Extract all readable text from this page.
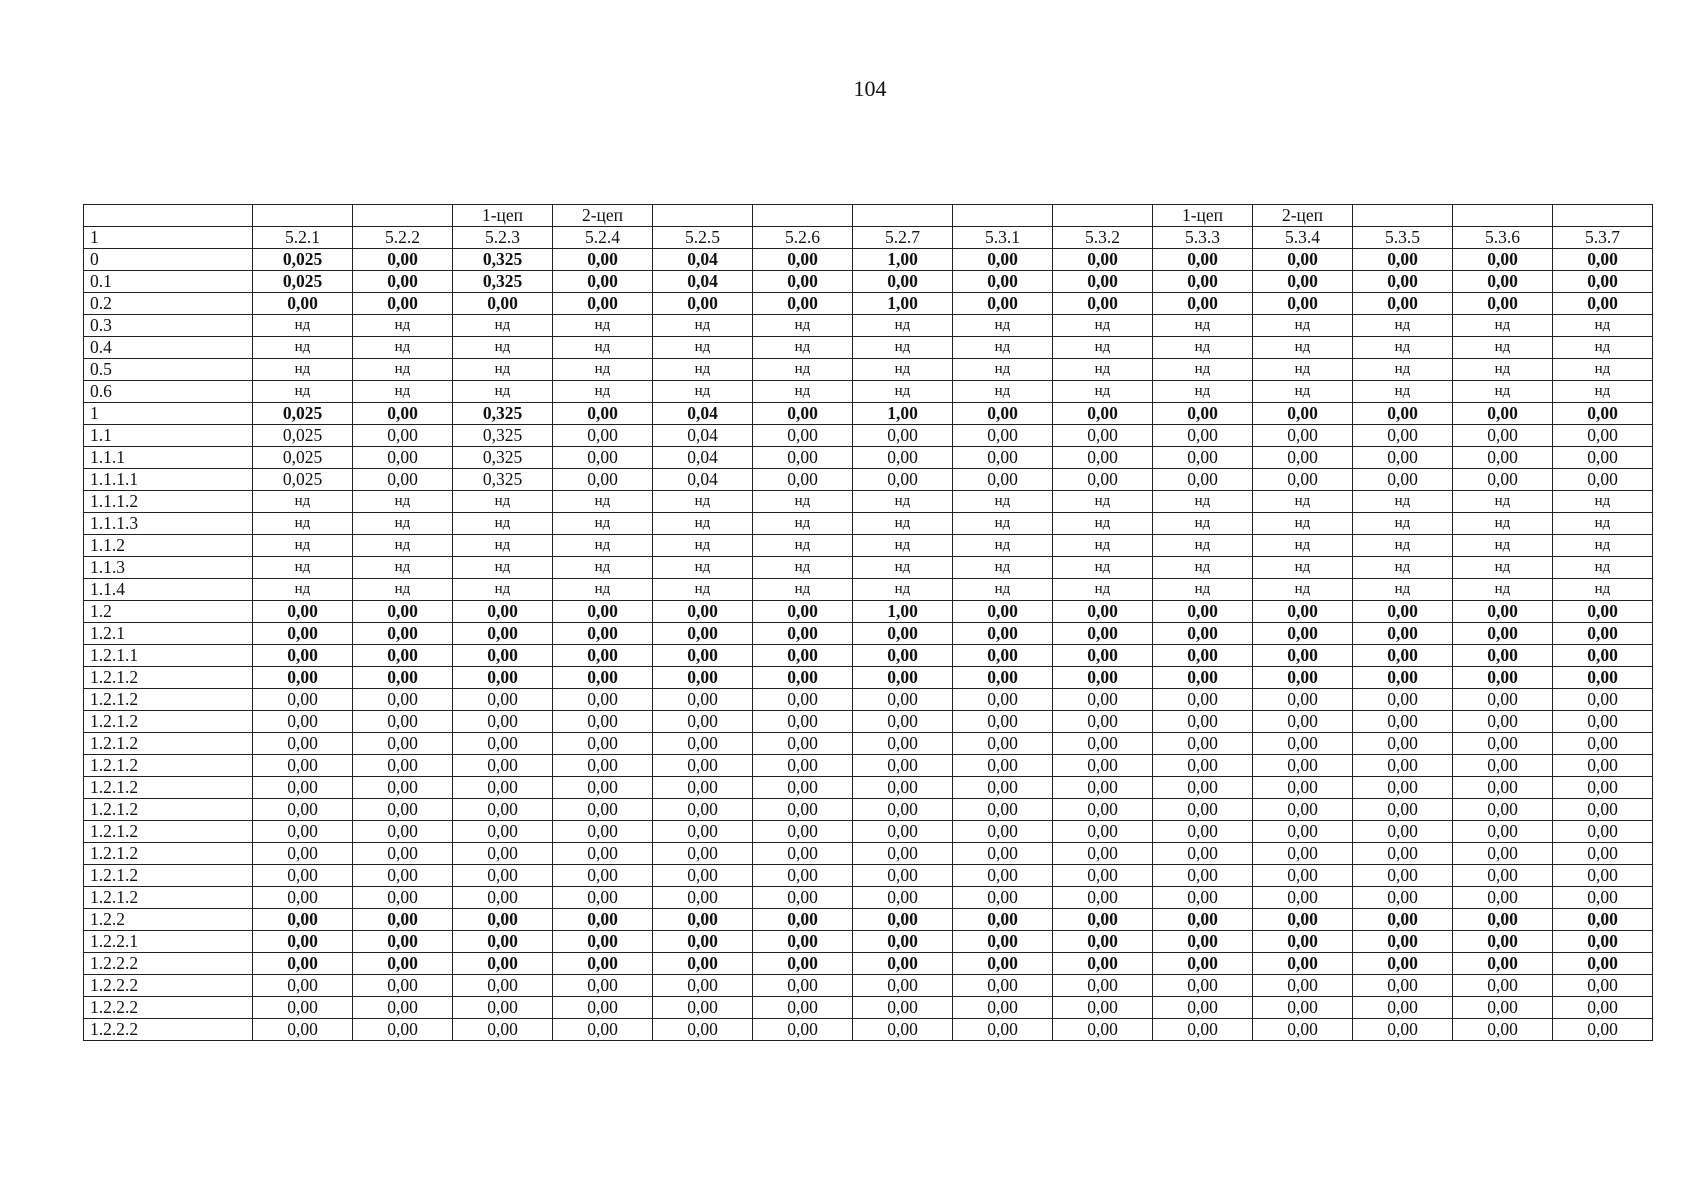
104
			1-цеп	2-цеп						1-цеп	2-цеп			
1	5.2.1	5.2.2	5.2.3	5.2.4	5.2.5	5.2.6	5.2.7	5.3.1	5.3.2	5.3.3	5.3.4	5.3.5	5.3.6	5.3.7
0	0,025	0,00	0,325	0,00	0,04	0,00	1,00	0,00	0,00	0,00	0,00	0,00	0,00	0,00
0.1	0,025	0,00	0,325	0,00	0,04	0,00	0,00	0,00	0,00	0,00	0,00	0,00	0,00	0,00
0.2	0,00	0,00	0,00	0,00	0,00	0,00	1,00	0,00	0,00	0,00	0,00	0,00	0,00	0,00
0.3	нд	нд	нд	нд	нд	нд	нд	нд	нд	нд	нд	нд	нд	нд
0.4	нд	нд	нд	нд	нд	нд	нд	нд	нд	нд	нд	нд	нд	нд
0.5	нд	нд	нд	нд	нд	нд	нд	нд	нд	нд	нд	нд	нд	нд
0.6	нд	нд	нд	нд	нд	нд	нд	нд	нд	нд	нд	нд	нд	нд
1	0,025	0,00	0,325	0,00	0,04	0,00	1,00	0,00	0,00	0,00	0,00	0,00	0,00	0,00
1.1	0,025	0,00	0,325	0,00	0,04	0,00	0,00	0,00	0,00	0,00	0,00	0,00	0,00	0,00
1.1.1	0,025	0,00	0,325	0,00	0,04	0,00	0,00	0,00	0,00	0,00	0,00	0,00	0,00	0,00
1.1.1.1	0,025	0,00	0,325	0,00	0,04	0,00	0,00	0,00	0,00	0,00	0,00	0,00	0,00	0,00
1.1.1.2	нд	нд	нд	нд	нд	нд	нд	нд	нд	нд	нд	нд	нд	нд
1.1.1.3	нд	нд	нд	нд	нд	нд	нд	нд	нд	нд	нд	нд	нд	нд
1.1.2	нд	нд	нд	нд	нд	нд	нд	нд	нд	нд	нд	нд	нд	нд
1.1.3	нд	нд	нд	нд	нд	нд	нд	нд	нд	нд	нд	нд	нд	нд
1.1.4	нд	нд	нд	нд	нд	нд	нд	нд	нд	нд	нд	нд	нд	нд
1.2	0,00	0,00	0,00	0,00	0,00	0,00	1,00	0,00	0,00	0,00	0,00	0,00	0,00	0,00
1.2.1	0,00	0,00	0,00	0,00	0,00	0,00	0,00	0,00	0,00	0,00	0,00	0,00	0,00	0,00
1.2.1.1	0,00	0,00	0,00	0,00	0,00	0,00	0,00	0,00	0,00	0,00	0,00	0,00	0,00	0,00
1.2.1.2	0,00	0,00	0,00	0,00	0,00	0,00	0,00	0,00	0,00	0,00	0,00	0,00	0,00	0,00
1.2.1.2	0,00	0,00	0,00	0,00	0,00	0,00	0,00	0,00	0,00	0,00	0,00	0,00	0,00	0,00
1.2.1.2	0,00	0,00	0,00	0,00	0,00	0,00	0,00	0,00	0,00	0,00	0,00	0,00	0,00	0,00
1.2.1.2	0,00	0,00	0,00	0,00	0,00	0,00	0,00	0,00	0,00	0,00	0,00	0,00	0,00	0,00
1.2.1.2	0,00	0,00	0,00	0,00	0,00	0,00	0,00	0,00	0,00	0,00	0,00	0,00	0,00	0,00
1.2.1.2	0,00	0,00	0,00	0,00	0,00	0,00	0,00	0,00	0,00	0,00	0,00	0,00	0,00	0,00
1.2.1.2	0,00	0,00	0,00	0,00	0,00	0,00	0,00	0,00	0,00	0,00	0,00	0,00	0,00	0,00
1.2.1.2	0,00	0,00	0,00	0,00	0,00	0,00	0,00	0,00	0,00	0,00	0,00	0,00	0,00	0,00
1.2.1.2	0,00	0,00	0,00	0,00	0,00	0,00	0,00	0,00	0,00	0,00	0,00	0,00	0,00	0,00
1.2.1.2	0,00	0,00	0,00	0,00	0,00	0,00	0,00	0,00	0,00	0,00	0,00	0,00	0,00	0,00
1.2.1.2	0,00	0,00	0,00	0,00	0,00	0,00	0,00	0,00	0,00	0,00	0,00	0,00	0,00	0,00
1.2.2	0,00	0,00	0,00	0,00	0,00	0,00	0,00	0,00	0,00	0,00	0,00	0,00	0,00	0,00
1.2.2.1	0,00	0,00	0,00	0,00	0,00	0,00	0,00	0,00	0,00	0,00	0,00	0,00	0,00	0,00
1.2.2.2	0,00	0,00	0,00	0,00	0,00	0,00	0,00	0,00	0,00	0,00	0,00	0,00	0,00	0,00
1.2.2.2	0,00	0,00	0,00	0,00	0,00	0,00	0,00	0,00	0,00	0,00	0,00	0,00	0,00	0,00
1.2.2.2	0,00	0,00	0,00	0,00	0,00	0,00	0,00	0,00	0,00	0,00	0,00	0,00	0,00	0,00
1.2.2.2	0,00	0,00	0,00	0,00	0,00	0,00	0,00	0,00	0,00	0,00	0,00	0,00	0,00	0,00
